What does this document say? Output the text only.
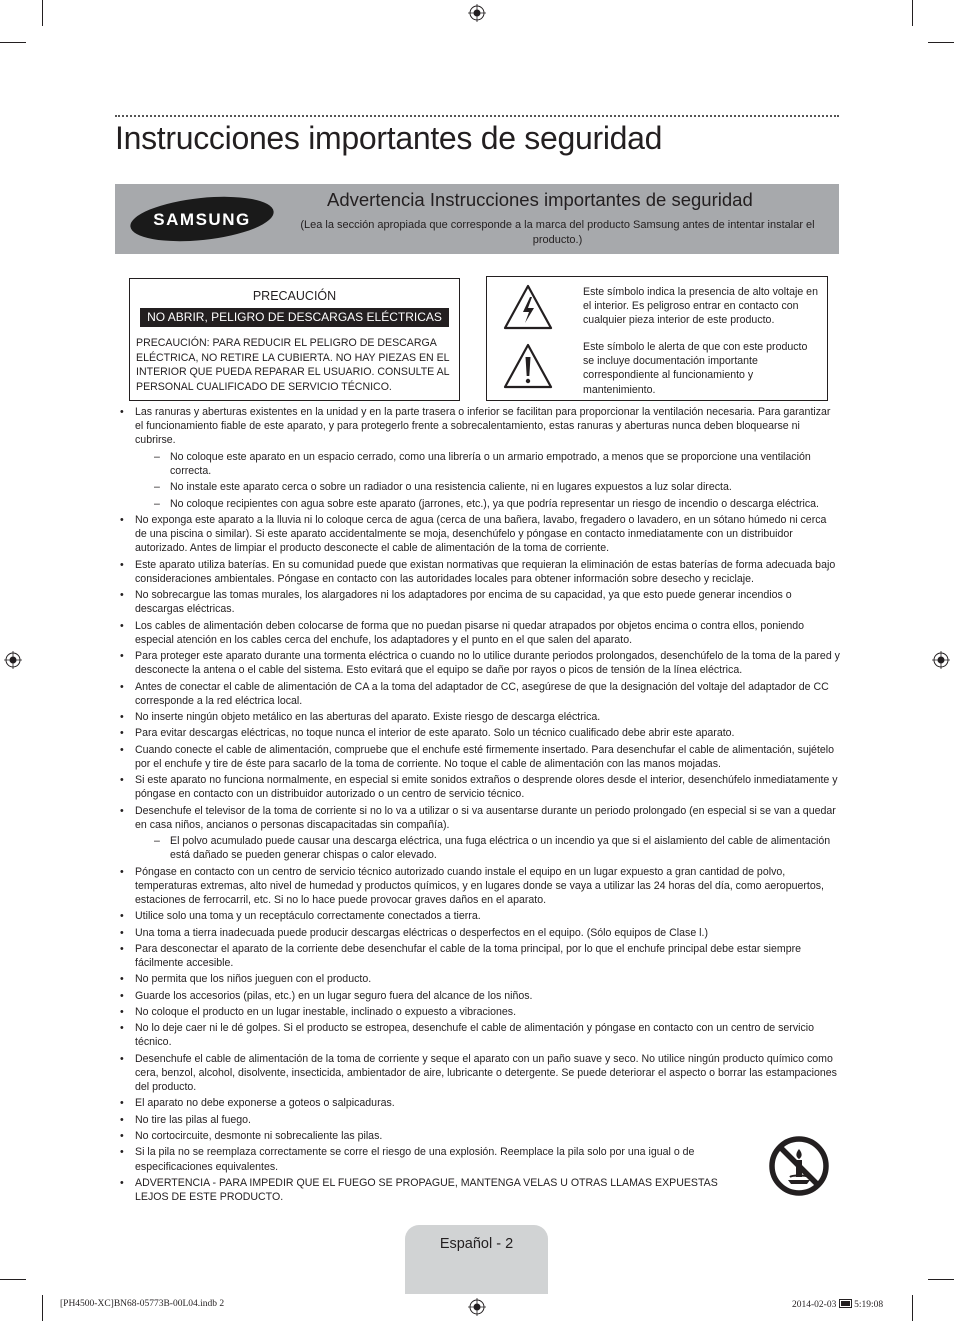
Instrucciones importantes de seguridad
SAMSUNG
Advertencia Instrucciones importantes de seguridad
(Lea la sección apropiada que corresponde a la marca del producto Samsung antes de intentar instalar el producto.)
PRECAUCIÓN
NO ABRIR, PELIGRO DE DESCARGAS ELÉCTRICAS
PRECAUCIÓN: PARA REDUCIR EL PELIGRO DE DESCARGA ELÉCTRICA, NO RETIRE LA CUBIERTA. NO HAY PIEZAS EN EL INTERIOR QUE PUEDA REPARAR EL USUARIO. CONSULTE AL PERSONAL CUALIFICADO DE SERVICIO TÉCNICO.
Este símbolo indica la presencia de alto voltaje en el interior. Es peligroso entrar en contacto con cualquier pieza interior de este producto.
Este símbolo le alerta de que con este producto se incluye documentación importante correspondiente al funcionamiento y mantenimiento.
• Las ranuras y aberturas existentes en la unidad y en la parte trasera o inferior se facilitan para proporcionar la ventilación necesaria. Para garantizar el funcionamiento fiable de este aparato, y para protegerlo frente a sobrecalentamiento, estas ranuras y aberturas nunca deben bloquearse ni cubrirse.
– No coloque este aparato en un espacio cerrado, como una librería o un armario empotrado, a menos que se proporcione una ventilación correcta.
– No instale este aparato cerca o sobre un radiador o una resistencia caliente, ni en lugares expuestos a luz solar directa.
– No coloque recipientes con agua sobre este aparato (jarrones, etc.), ya que podría representar un riesgo de incendio o descarga eléctrica.
• No exponga este aparato a la lluvia ni lo coloque cerca de agua (cerca de una bañera, lavabo, fregadero o lavadero, en un sótano húmedo ni cerca de una piscina o similar). Si este aparato accidentalmente se moja, desenchúfelo y póngase en contacto inmediatamente con un distribuidor autorizado. Antes de limpiar el producto desconecte el cable de alimentación de la toma de corriente.
• Este aparato utiliza baterías. En su comunidad puede que existan normativas que requieran la eliminación de estas baterías de forma adecuada bajo consideraciones ambientales. Póngase en contacto con las autoridades locales para obtener información sobre desecho y reciclaje.
• No sobrecargue las tomas murales, los alargadores ni los adaptadores por encima de su capacidad, ya que esto puede generar incendios o descargas eléctricas.
• Los cables de alimentación deben colocarse de forma que no puedan pisarse ni quedar atrapados por objetos encima o contra ellos, poniendo especial atención en los cables cerca del enchufe, los adaptadores y el punto en el que salen del aparato.
• Para proteger este aparato durante una tormenta eléctrica o cuando no lo utilice durante periodos prolongados, desenchúfelo de la toma de la pared y desconecte la antena o el cable del sistema. Esto evitará que el equipo se dañe por rayos o picos de tensión de la línea eléctrica.
• Antes de conectar el cable de alimentación de CA a la toma del adaptador de CC, asegúrese de que la designación del voltaje del adaptador de CC corresponde a la red eléctrica local.
• No inserte ningún objeto metálico en las aberturas del aparato. Existe riesgo de descarga eléctrica.
• Para evitar descargas eléctricas, no toque nunca el interior de este aparato. Solo un técnico cualificado debe abrir este aparato.
• Cuando conecte el cable de alimentación, compruebe que el enchufe esté firmemente insertado. Para desenchufar el cable de alimentación, sujételo por el enchufe y tire de éste para sacarlo de la toma de corriente. No toque el cable de alimentación con las manos mojadas.
• Si este aparato no funciona normalmente, en especial si emite sonidos extraños o desprende olores desde el interior, desenchúfelo inmediatamente y póngase en contacto con un distribuidor autorizado o un centro de servicio técnico.
• Desenchufe el televisor de la toma de corriente si no lo va a utilizar o si va ausentarse durante un periodo prolongado (en especial si se van a quedar en casa niños, ancianos o personas discapacitadas sin compañía).
– El polvo acumulado puede causar una descarga eléctrica, una fuga eléctrica o un incendio ya que si el aislamiento del cable de alimentación está dañado se pueden generar chispas o calor elevado.
• Póngase en contacto con un centro de servicio técnico autorizado cuando instale el equipo en un lugar expuesto a gran cantidad de polvo, temperaturas extremas, alto nivel de humedad y productos químicos, y en lugares donde se vaya a utilizar las 24 horas del día, como aeropuertos, estaciones de ferrocarril, etc. Si no lo hace puede provocar graves daños en el aparato.
• Utilice solo una toma y un receptáculo correctamente conectados a tierra.
• Una toma a tierra inadecuada puede producir descargas eléctricas o desperfectos en el equipo. (Sólo equipos de Clase l.)
• Para desconectar el aparato de la corriente debe desenchufar el cable de la toma principal, por lo que el enchufe principal debe estar siempre fácilmente accesible.
• No permita que los niños jueguen con el producto.
• Guarde los accesorios (pilas, etc.) en un lugar seguro fuera del alcance de los niños.
• No coloque el producto en un lugar inestable, inclinado o expuesto a vibraciones.
• No lo deje caer ni le dé golpes. Si el producto se estropea, desenchufe el cable de alimentación y póngase en contacto con un centro de servicio técnico.
• Desenchufe el cable de alimentación de la toma de corriente y seque el aparato con un paño suave y seco. No utilice ningún producto químico como cera, benzol, alcohol, disolvente, insecticida, ambientador de aire, lubricante o detergente. Se puede deteriorar el aspecto o borrar las estampaciones del producto.
• El aparato no debe exponerse a goteos o salpicaduras.
• No tire las pilas al fuego.
• No cortocircuite, desmonte ni sobrecaliente las pilas.
• Si la pila no se reemplaza correctamente se corre el riesgo de una explosión. Reemplace la pila solo por una igual o de especificaciones equivalentes.
• ADVERTENCIA - PARA IMPEDIR QUE EL FUEGO SE PROPAGUE, MANTENGA VELAS U OTRAS LLAMAS EXPUESTAS LEJOS DE ESTE PRODUCTO.
Español - 2
[PH4500-XC]BN68-05773B-00L04.indb 2	2014-02-03  5:19:08
